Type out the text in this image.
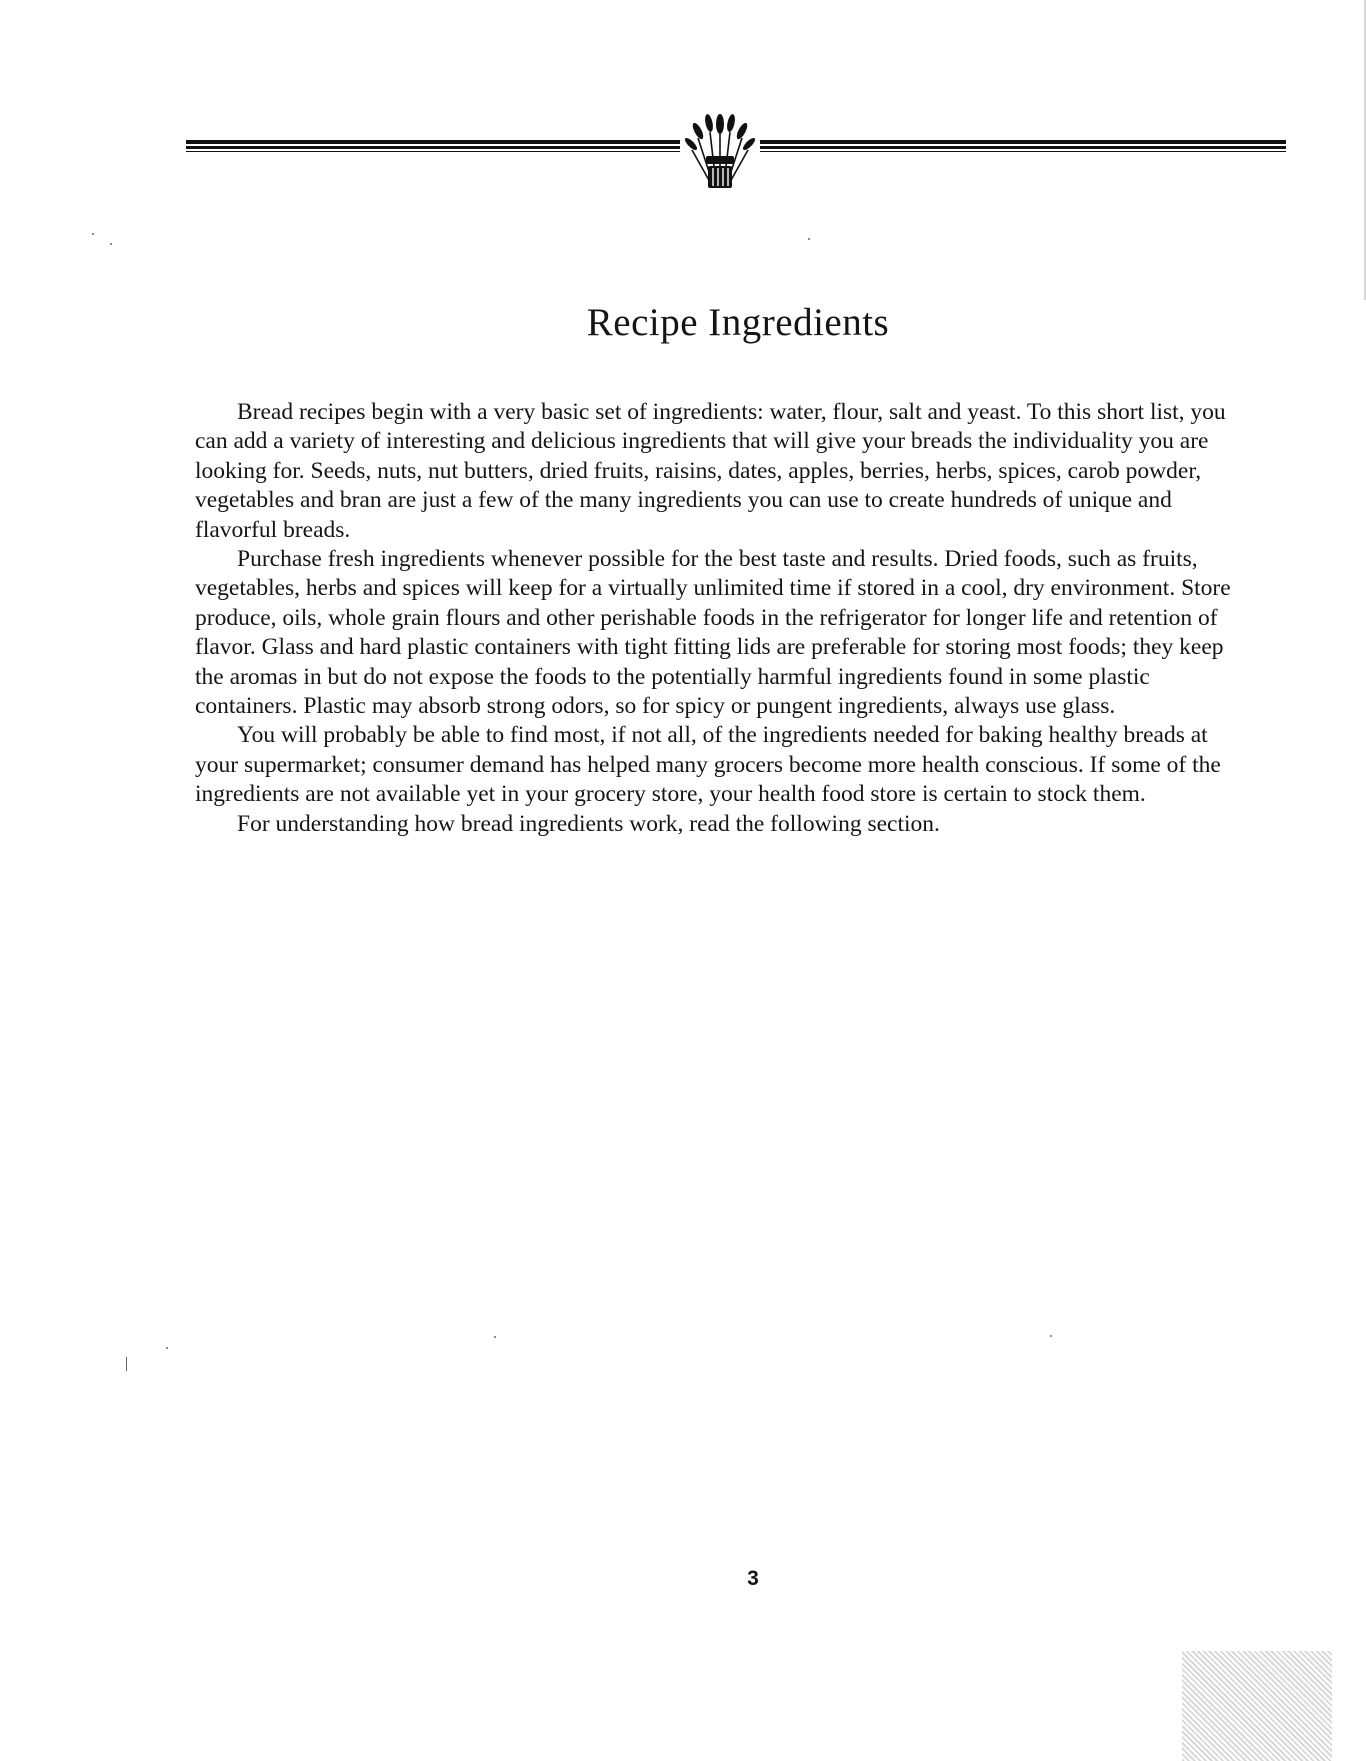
Recipe Ingredients

Bread recipes begin with a very basic set of ingredients: water, flour, salt and yeast. To this short list, you can add a variety of interesting and delicious ingredients that will give your breads the individuality you are looking for. Seeds, nuts, nut butters, dried fruits, raisins, dates, apples, berries, herbs, spices, carob powder, vegetables and bran are just a few of the many ingredients you can use to create hundreds of unique and flavorful breads.

Purchase fresh ingredients whenever possible for the best taste and results. Dried foods, such as fruits, vegetables, herbs and spices will keep for a virtually unlimited time if stored in a cool, dry environment. Store produce, oils, whole grain flours and other perishable foods in the refrigerator for longer life and retention of flavor. Glass and hard plastic containers with tight fitting lids are preferable for storing most foods; they keep the aromas in but do not expose the foods to the potentially harmful ingredients found in some plastic containers. Plastic may absorb strong odors, so for spicy or pungent ingredients, always use glass.

You will probably be able to find most, if not all, of the ingredients needed for baking healthy breads at your supermarket; consumer demand has helped many grocers become more health conscious. If some of the ingredients are not available yet in your grocery store, your health food store is certain to stock them.

For understanding how bread ingredients work, read the following section.

3
